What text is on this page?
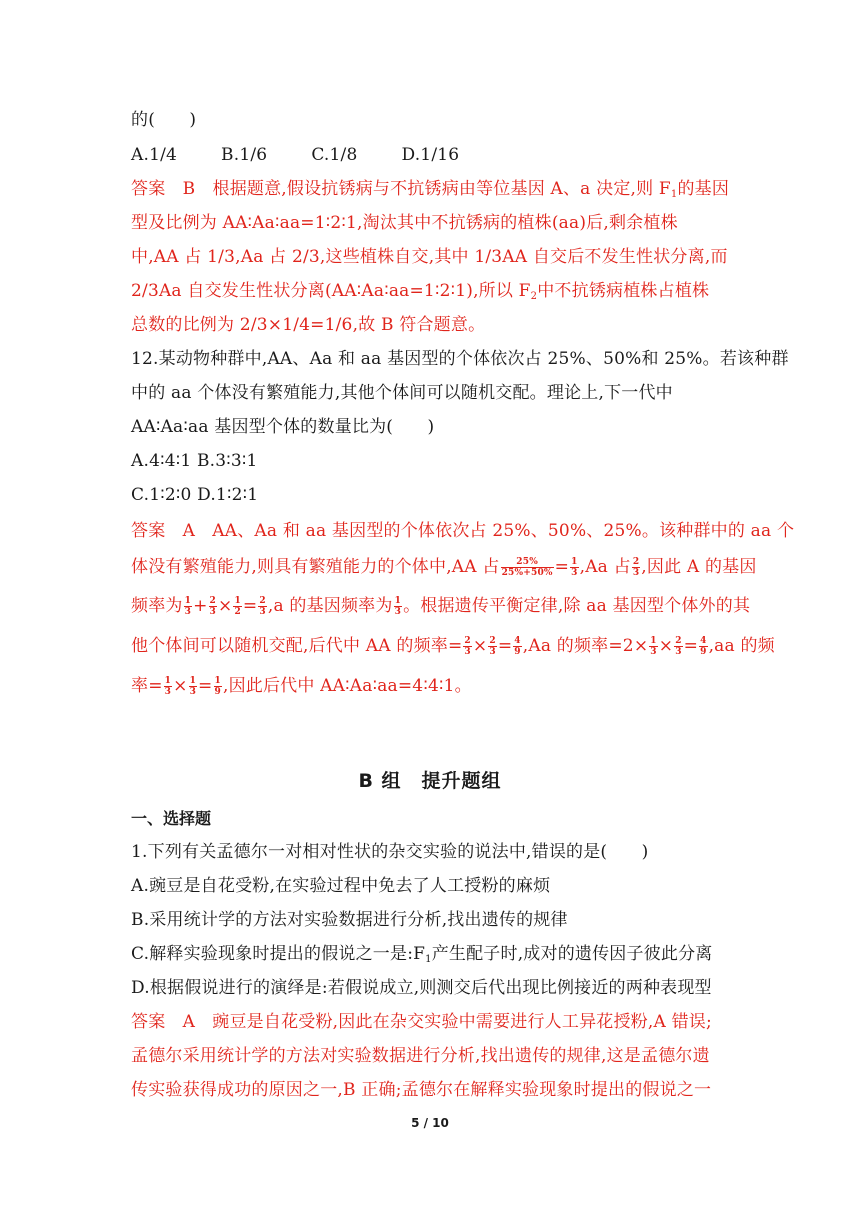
的(　　)
A.1/4	B.1/6	C.1/8	D.1/16
答案　B　根据题意,假设抗锈病与不抗锈病由等位基因 A、a 决定,则 $F_1$的基因
型及比例为 AA∶Aa∶aa=1∶2∶1,淘汰其中不抗锈病的植株(aa)后,剩余植株
中,AA 占 1/3,Aa 占 2/3,这些植株自交,其中 1/3AA 自交后不发生性状分离,而
2/3Aa 自交发生性状分离(AA∶Aa∶aa=1∶2∶1),所以 $F_2$中不抗锈病植株占植株
总数的比例为 2/3×1/4=1/6,故 B 符合题意。
12.某动物种群中,AA、Aa 和 aa 基因型的个体依次占 25%、50%和 25%。若该种群
中的 aa 个体没有繁殖能力,其他个体间可以随机交配。理论上,下一代中
AA∶Aa∶aa 基因型个体的数量比为(　　)
A.4∶4∶1 B.3∶3∶1
C.1∶2∶0 D.1∶2∶1
答案　A　AA、Aa 和 aa 基因型的个体依次占 25%、50%、25%。该种群中的 aa 个
体没有繁殖能力,则具有繁殖能力的个体中,AA 占 $\frac{25\%}{25\%+50\%} = \frac{1}{3} ,Aa$ 占 $\frac{2}{3}$ ,因此 A 的基因
频率为 $\frac{1}{3} + \frac{2}{3} \times \frac{1}{2} = \frac{2}{3} ,a$ 的基因频率为 $\frac{1}{3}$ 。根据遗传平衡定律,除 aa 基因型个体外的其
他个体间可以随机交配,后代中 AA 的频率= $\frac{2}{3} \times \frac{2}{3} = \frac{4}{9} ,Aa$ 的频率$=2\times \frac{1}{3} \times \frac{2}{3} = \frac{4}{9} ,aa$ 的频
率= $\frac{1}{3} \times \frac{1}{3} = \frac{1}{9}$ ,因此后代中 AA∶Aa∶aa=4∶4∶1。
B 组　提升题组
一、选择题
1.下列有关孟德尔一对相对性状的杂交实验的说法中,错误的是(　　)
A.豌豆是自花受粉,在实验过程中免去了人工授粉的麻烦
B.采用统计学的方法对实验数据进行分析,找出遗传的规律
C.解释实验现象时提出的假说之一是$:F_1$产生配子时,成对的遗传因子彼此分离
D.根据假说进行的演绎是:若假说成立,则测交后代出现比例接近的两种表现型
答案　A　豌豆是自花受粉,因此在杂交实验中需要进行人工异花授粉,A 错误;
孟德尔采用统计学的方法对实验数据进行分析,找出遗传的规律,这是孟德尔遗
传实验获得成功的原因之一,B 正确;孟德尔在解释实验现象时提出的假说之一
5 / 10
